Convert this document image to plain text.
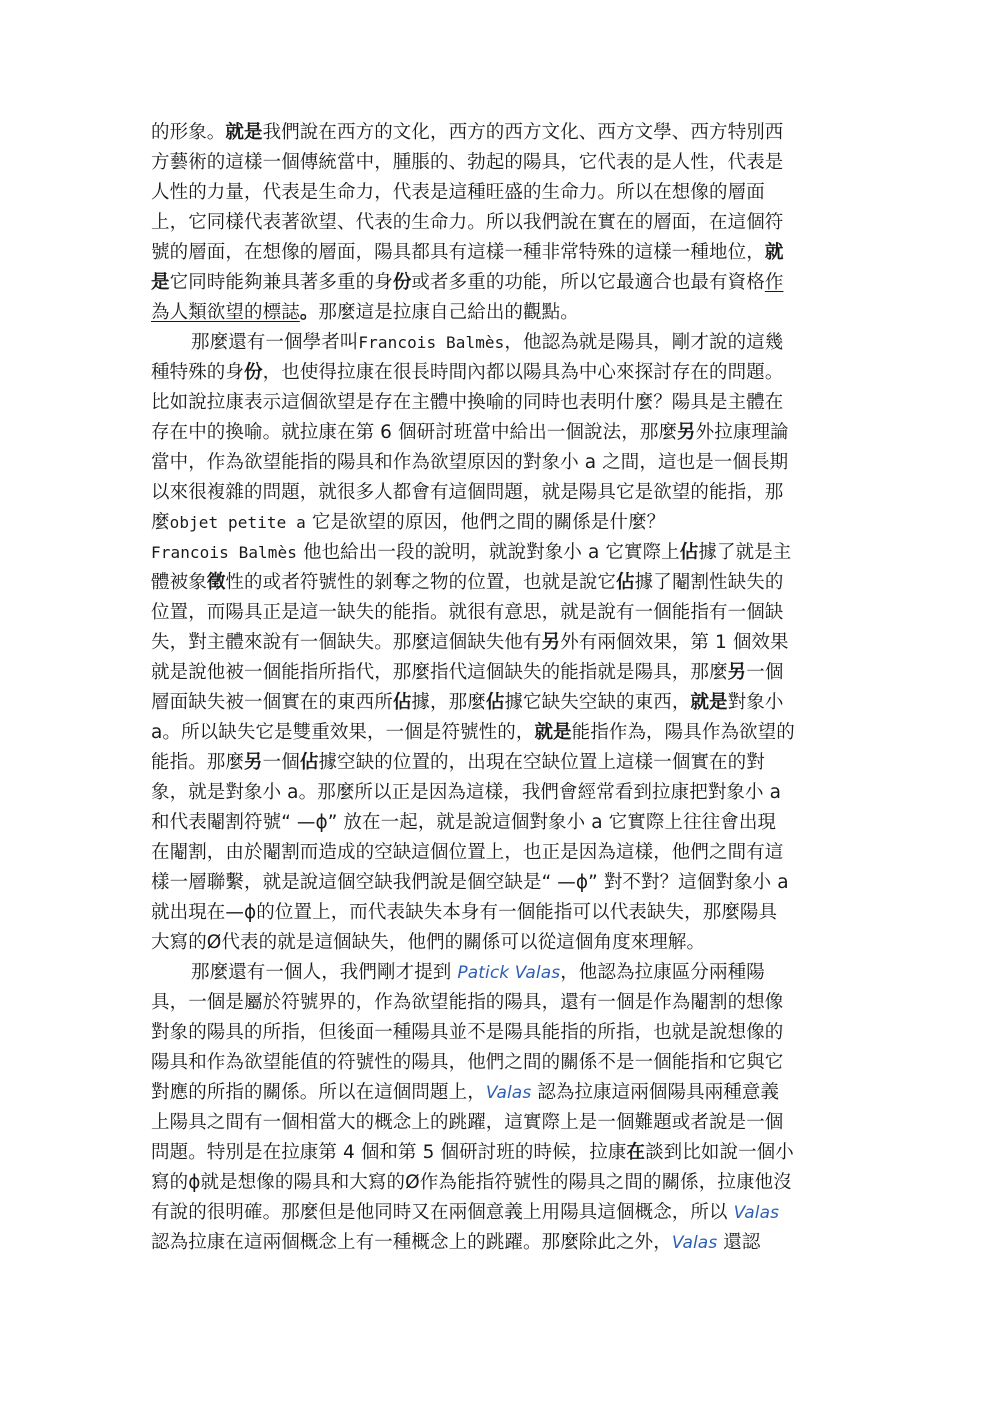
的形象。就是我們說在西方的文化，西方的西方文化、西方文學、西方特別西
方藝術的這樣一個傳統當中，腫脹的、勃起的陽具，它代表的是人性，代表是
人性的力量，代表是生命力，代表是這種旺盛的生命力。所以在想像的層面
上，它同樣代表著欲望、代表的生命力。所以我們說在實在的層面，在這個符
號的層面，在想像的層面，陽具都具有這樣一種非常特殊的這樣一種地位，就
是它同時能夠兼具著多重的身份或者多重的功能，所以它最適合也最有資格作
為人類欲望的標誌。那麼這是拉康自己給出的觀點。
那麼還有一個學者叫Francois Balmès，他認為就是陽具，剛才說的這幾
種特殊的身份，也使得拉康在很長時間內都以陽具為中心來探討存在的問題。
比如說拉康表示這個欲望是存在主體中換喻的同時也表明什麼？陽具是主體在
存在中的換喻。就拉康在第 6 個研討班當中給出一個說法，那麼另外拉康理論
當中，作為欲望能指的陽具和作為欲望原因的對象小 a 之間，這也是一個長期
以來很複雜的問題，就很多人都會有這個問題，就是陽具它是欲望的能指，那
麼objet petite a 它是欲望的原因，他們之間的關係是什麼？
Francois Balmès 他也給出一段的說明，就說對象小 a 它實際上佔據了就是主
體被象徵性的或者符號性的剝奪之物的位置，也就是說它佔據了閹割性缺失的
位置，而陽具正是這一缺失的能指。就很有意思，就是說有一個能指有一個缺
失，對主體來說有一個缺失。那麼這個缺失他有另外有兩個效果，第 1 個效果
就是說他被一個能指所指代，那麼指代這個缺失的能指就是陽具，那麼另一個
層面缺失被一個實在的東西所佔據，那麼佔據它缺失空缺的東西，就是對象小
a。所以缺失它是雙重效果，一個是符號性的，就是能指作為，陽具作為欲望的
能指。那麼另一個佔據空缺的位置的，出現在空缺位置上這樣一個實在的對
象，就是對象小 a。那麼所以正是因為這樣，我們會經常看到拉康把對象小 a
和代表閹割符號“ —ϕ” 放在一起，就是說這個對象小 a 它實際上往往會出現
在閹割，由於閹割而造成的空缺這個位置上，也正是因為這樣，他們之間有這
樣一層聯繫，就是說這個空缺我們說是個空缺是“ —ϕ” 對不對？這個對象小 a
就出現在—ϕ的位置上，而代表缺失本身有一個能指可以代表缺失，那麼陽具
大寫的Ø代表的就是這個缺失，他們的關係可以從這個角度來理解。
那麼還有一個人，我們剛才提到 Patick Valas，他認為拉康區分兩種陽
具，一個是屬於符號界的，作為欲望能指的陽具，還有一個是作為閹割的想像
對象的陽具的所指，但後面一種陽具並不是陽具能指的所指，也就是說想像的
陽具和作為欲望能值的符號性的陽具，他們之間的關係不是一個能指和它與它
對應的所指的關係。所以在這個問題上，Valas 認為拉康這兩個陽具兩種意義
上陽具之間有一個相當大的概念上的跳躍，這實際上是一個難題或者說是一個
問題。特別是在拉康第 4 個和第 5 個研討班的時候，拉康在談到比如說一個小
寫的ϕ就是想像的陽具和大寫的Ø作為能指符號性的陽具之間的關係，拉康他沒
有說的很明確。那麼但是他同時又在兩個意義上用陽具這個概念，所以 Valas
認為拉康在這兩個概念上有一種概念上的跳躍。那麼除此之外，Valas 還認
